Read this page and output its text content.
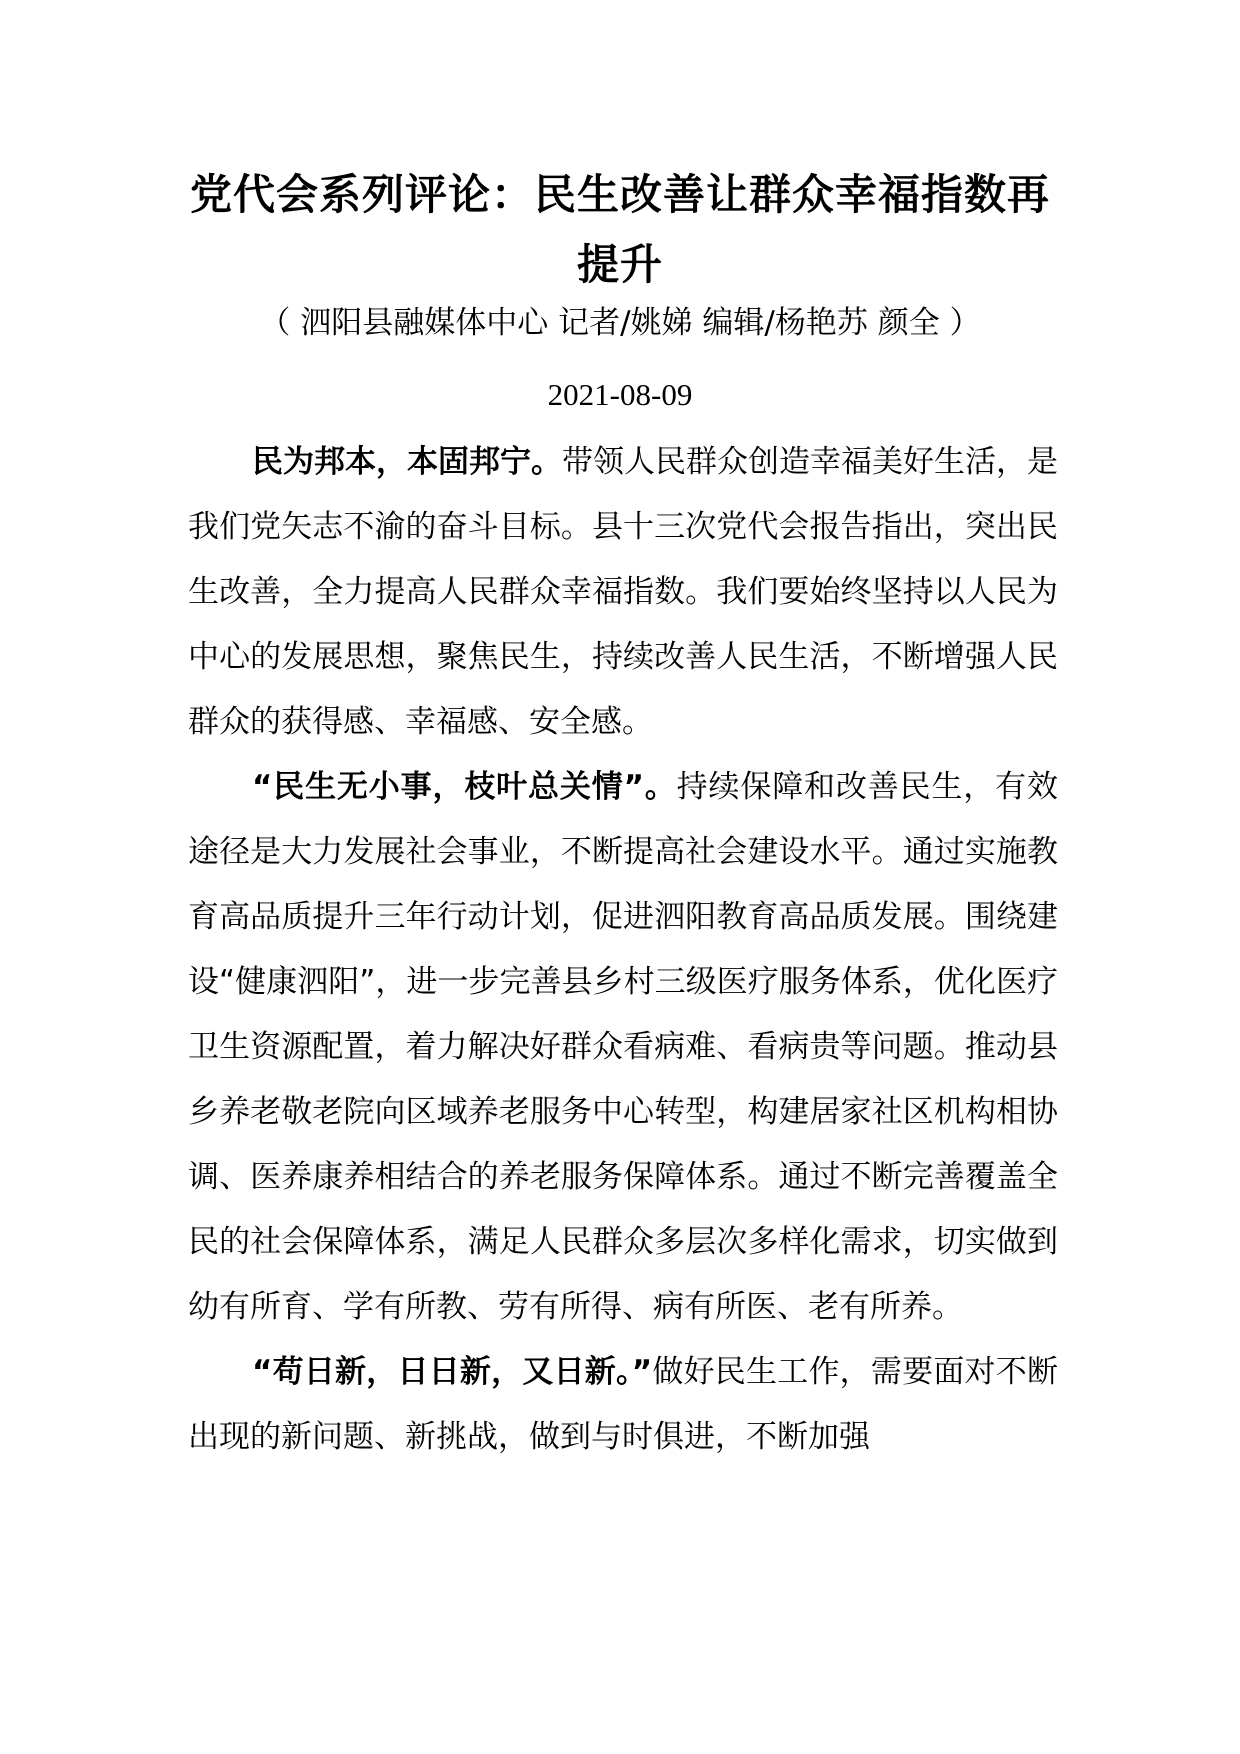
党代会系列评论：民生改善让群众幸福指数再提升

（ 泗阳县融媒体中心 记者/姚娣 编辑/杨艳苏 颜全 ）

2021-08-09

民为邦本，本固邦宁。带领人民群众创造幸福美好生活，是我们党矢志不渝的奋斗目标。县十三次党代会报告指出，突出民生改善，全力提高人民群众幸福指数。我们要始终坚持以人民为中心的发展思想，聚焦民生，持续改善人民生活，不断增强人民群众的获得感、幸福感、安全感。

“民生无小事，枝叶总关情”。持续保障和改善民生，有效途径是大力发展社会事业，不断提高社会建设水平。通过实施教育高品质提升三年行动计划，促进泗阳教育高品质发展。围绕建设“健康泗阳”，进一步完善县乡村三级医疗服务体系，优化医疗卫生资源配置，着力解决好群众看病难、看病贵等问题。推动县乡养老敬老院向区域养老服务中心转型，构建居家社区机构相协调、医养康养相结合的养老服务保障体系。通过不断完善覆盖全民的社会保障体系，满足人民群众多层次多样化需求，切实做到幼有所育、学有所教、劳有所得、病有所医、老有所养。

“苟日新，日日新，又日新。”做好民生工作，需要面对不断出现的新问题、新挑战，做到与时俱进，不断加强
